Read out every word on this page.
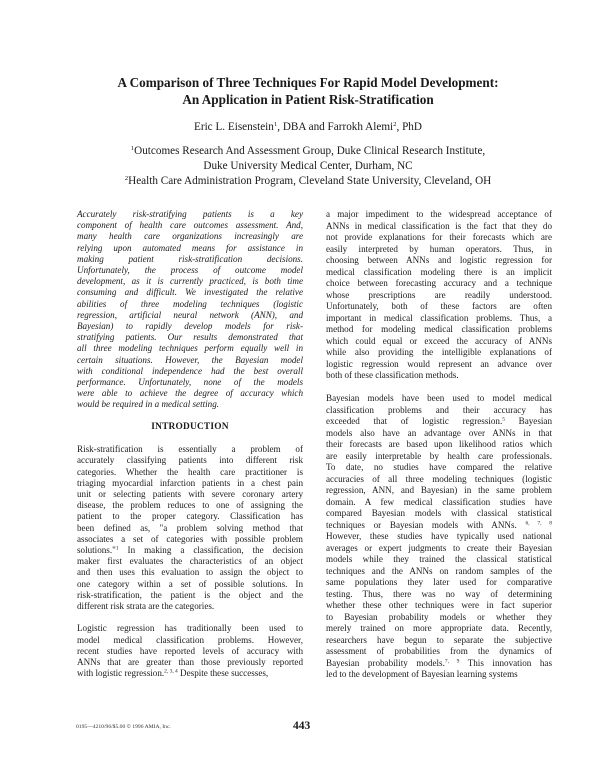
A Comparison of Three Techniques For Rapid Model Development:
An Application in Patient Risk-Stratification
Eric L. Eisenstein$^1$, DBA and Farrokh Alemi$^2$, PhD
$^1$Outcomes Research And Assessment Group, Duke Clinical Research Institute,
Duke University Medical Center, Durham, NC
$^2$Health Care Administration Program, Cleveland State University, Cleveland, OH
Accurately risk-stratifying patients is a key
component of health care outcomes assessment. And,
many health care organizations increasingly are
relying upon automated means for assistance in
making patient risk-stratification decisions.
Unfortunately, the process of outcome model
development, as it is currently practiced, is both time
consuming and difficult. We investigated the relative
abilities of three modeling techniques (logistic
regression, artificial neural network (ANN), and
Bayesian) to rapidly develop models for risk-
stratifying patients. Our results demonstrated that
all three modeling techniques perform equally well in
certain situations. However, the Bayesian model
with conditional independence had the best overall
performance. Unfortunately, none of the models
were able to achieve the degree of accuracy which
would be required in a medical setting.
INTRODUCTION
Risk-stratification is essentially a problem of
accurately classifying patients into different risk
categories. Whether the health care practitioner is
triaging myocardial infarction patients in a chest pain
unit or selecting patients with severe coronary artery
disease, the problem reduces to one of assigning the
patient to the proper category. Classification has
been defined as, "a problem solving method that
associates a set of categories with possible problem
solutions."$^1$ In making a classification, the decision
maker first evaluates the characteristics of an object
and then uses this evaluation to assign the object to
one category within a set of possible solutions. In
risk-stratification, the patient is the object and the
different risk strata are the categories.
Logistic regression has traditionally been used to
model medical classification problems. However,
recent studies have reported levels of accuracy with
ANNs that are greater than those previously reported
with logistic regression.$^{2, 3, 4}$ Despite these successes,
a major impediment to the widespread acceptance of
ANNs in medical classification is the fact that they do
not provide explanations for their forecasts which are
easily interpreted by human operators. Thus, in
choosing between ANNs and logistic regression for
medical classification modeling there is an implicit
choice between forecasting accuracy and a technique
whose prescriptions are readily understood.
Unfortunately, both of these factors are often
important in medical classification problems. Thus, a
method for modeling medical classification problems
which could equal or exceed the accuracy of ANNs
while also providing the intelligible explanations of
logistic regression would represent an advance over
both of these classification methods.
Bayesian models have been used to model medical
classification problems and their accuracy has
exceeded that of logistic regression.$^5$ Bayesian
models also have an advantage over ANNs in that
their forecasts are based upon likelihood ratios which
are easily interpretable by health care professionals.
To date, no studies have compared the relative
accuracies of all three modeling techniques (logistic
regression, ANN, and Bayesian) in the same problem
domain. A few medical classification studies have
compared Bayesian models with classical statistical
techniques or Bayesian models with ANNs. $^{6, 7, 8}$
However, these studies have typically used national
averages or expert judgments to create their Bayesian
models while they trained the classical statistical
techniques and the ANNs on random samples of the
same populations they later used for comparative
testing. Thus, there was no way of determining
whether these other techniques were in fact superior
to Bayesian probability models or whether they
merely trained on more appropriate data. Recently,
researchers have begun to separate the subjective
assessment of probabilities from the dynamics of
Bayesian probability models.$^{7, 9}$ This innovation has
led to the development of Bayesian learning systems
0195—4210/96/$5.00 © 1996 AMIA, Inc.	443
